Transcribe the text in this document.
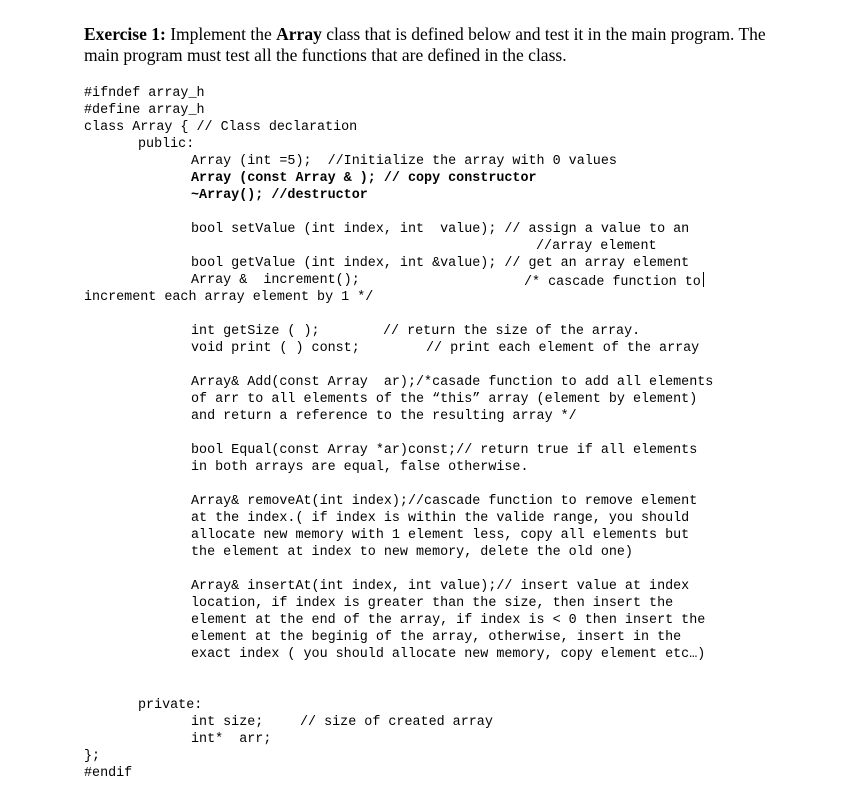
Exercise 1: Implement the Array class that is defined below and test it in the main program. The main program must test all the functions that are defined in the class.

#ifndef array_h
#define array_h
class Array { // Class declaration
public:
Array (int =5);  //Initialize the array with 0 values
Array (const Array & ); // copy constructor
~Array(); //destructor
bool setValue (int index, int  value); // assign a value to an
//array element
bool getValue (int index, int &value); // get an array element
Array &  increment();	/* cascade function to
increment each array element by 1 */
int getSize ( );	// return the size of the array.
void print ( ) const;	// print each element of the array
Array& Add(const Array  ar);/*casade function to add all elements
of arr to all elements of the “this” array (element by element)
and return a reference to the resulting array */
bool Equal(const Array *ar)const;// return true if all elements
in both arrays are equal, false otherwise.
Array& removeAt(int index);//cascade function to remove element
at the index.( if index is within the valide range, you should
allocate new memory with 1 element less, copy all elements but
the element at index to new memory, delete the old one)
Array& insertAt(int index, int value);// insert value at index
location, if index is greater than the size, then insert the
element at the end of the array, if index is < 0 then insert the
element at the beginig of the array, otherwise, insert in the
exact index ( you should allocate new memory, copy element etc…)
private:
int size;	// size of created array
int*  arr;
};
#endif
